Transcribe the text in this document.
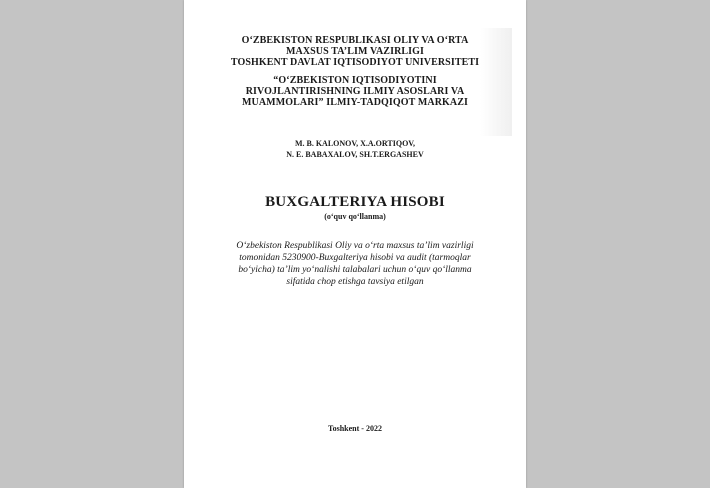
O‘ZBEKISTON RESPUBLIKASI OLIY VA O‘RTA
MAXSUS TA’LIM VAZIRLIGI
TOSHKENT DAVLAT IQTISODIYOT UNIVERSITETI
“O‘ZBEKISTON IQTISODIYOTINI
RIVOJLANTIRISHNING ILMIY ASOSLARI VA
MUAMMOLARI” ILMIY-TADQIQOT MARKAZI
M. B. KALONOV, X.A.ORTIQOV,
N. E. BABAXALOV, SH.T.ERGASHEV
BUXGALTERIYA HISOBI
(o‘quv qo‘llanma)
O‘zbekiston Respublikasi Oliy va o‘rta maxsus ta’lim vazirligi
tomonidan 5230900-Buxgalteriya hisobi va audit (tarmoqlar
bo‘yicha) ta’lim yo‘nalishi talabalari uchun o‘quv qo‘llanma
sifatida chop etishga tavsiya etilgan
Toshkent - 2022
